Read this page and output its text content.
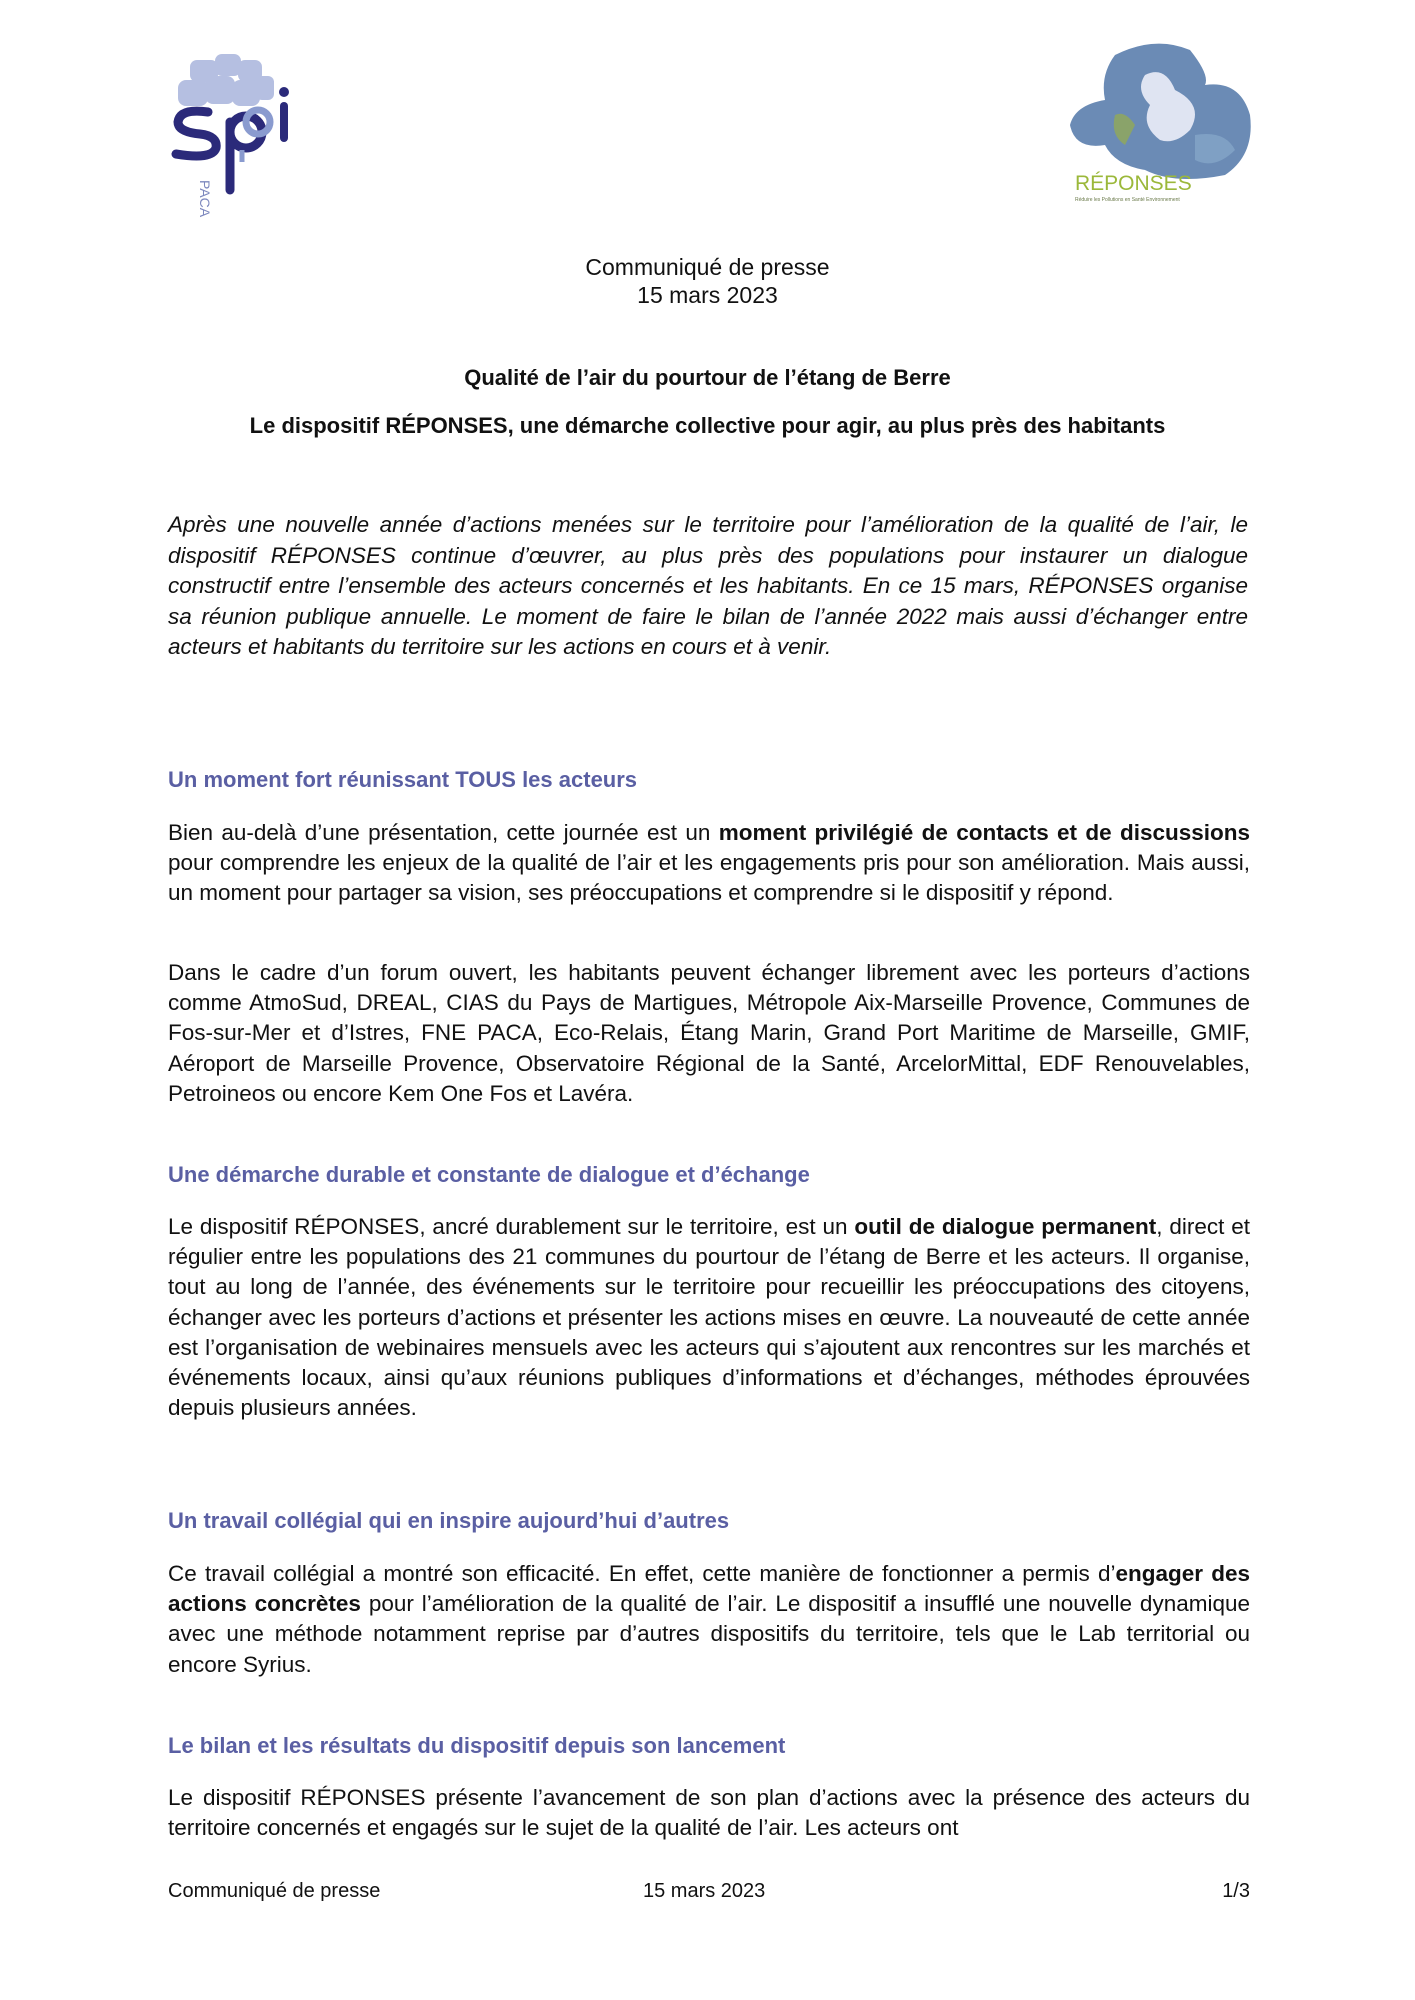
PACA	RÉPONSES
Réduire les Pollutions en Santé Environnement
Communiqué de presse
15 mars 2023
Qualité de l’air du pourtour de l’étang de Berre
Le dispositif RÉPONSES, une démarche collective pour agir, au plus près des habitants
Après une nouvelle année d’actions menées sur le territoire pour l’amélioration de la qualité de l’air, le dispositif RÉPONSES continue d’œuvrer, au plus près des populations pour instaurer un dialogue constructif entre l’ensemble des acteurs concernés et les habitants. En ce 15 mars, RÉPONSES organise sa réunion publique annuelle. Le moment de faire le bilan de l’année 2022 mais aussi d’échanger entre acteurs et habitants du territoire sur les actions en cours et à venir.
Un moment fort réunissant TOUS les acteurs
Bien au-delà d’une présentation, cette journée est un moment privilégié de contacts et de discussions pour comprendre les enjeux de la qualité de l’air et les engagements pris pour son amélioration. Mais aussi, un moment pour partager sa vision, ses préoccupations et comprendre si le dispositif y répond.
Dans le cadre d’un forum ouvert, les habitants peuvent échanger librement avec les porteurs d’actions comme AtmoSud, DREAL, CIAS du Pays de Martigues, Métropole Aix-Marseille Provence, Communes de Fos-sur-Mer et d’Istres, FNE PACA, Eco-Relais, Étang Marin, Grand Port Maritime de Marseille, GMIF, Aéroport de Marseille Provence, Observatoire Régional de la Santé, ArcelorMittal, EDF Renouvelables, Petroineos ou encore Kem One Fos et Lavéra.
Une démarche durable et constante de dialogue et d’échange
Le dispositif RÉPONSES, ancré durablement sur le territoire, est un outil de dialogue permanent, direct et régulier entre les populations des 21 communes du pourtour de l’étang de Berre et les acteurs. Il organise, tout au long de l’année, des événements sur le territoire pour recueillir les préoccupations des citoyens, échanger avec les porteurs d’actions et présenter les actions mises en œuvre. La nouveauté de cette année est l’organisation de webinaires mensuels avec les acteurs qui s’ajoutent aux rencontres sur les marchés et événements locaux, ainsi qu’aux réunions publiques d’informations et d’échanges, méthodes éprouvées depuis plusieurs années.
Un travail collégial qui en inspire aujourd’hui d’autres
Ce travail collégial a montré son efficacité. En effet, cette manière de fonctionner a permis d’engager des actions concrètes pour l’amélioration de la qualité de l’air. Le dispositif a insufflé une nouvelle dynamique avec une méthode notamment reprise par d’autres dispositifs du territoire, tels que le Lab territorial ou encore Syrius.
Le bilan et les résultats du dispositif depuis son lancement
Le dispositif RÉPONSES présente l’avancement de son plan d’actions avec la présence des acteurs du territoire concernés et engagés sur le sujet de la qualité de l’air. Les acteurs ont
Communiqué de presse	15 mars 2023	1/3
